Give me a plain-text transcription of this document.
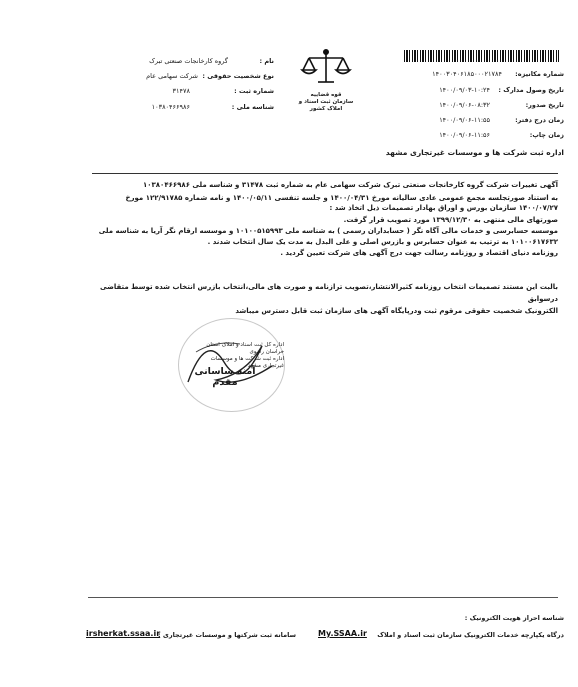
نام :
گروه کارخانجات صنعتی تبرک
نوع شخصیت حقوقی :
شرکت سهامی عام
شماره ثبت :
۳۱۴۷۸
شناسه ملی :
۱۰۳۸۰۴۶۶۹۸۶
قوه قضاییه
سازمان ثبت اسناد و املاک کشور
شماره مکانیزه:
۱۴۰۰۳۰۴۰۶۱۸۵۰۰۰۲۱۷۸۴
تاریخ وصول مدارک :
۱۴۰۰/۰۹/۰۳-۱۰:۲۴
تاریخ صدور:
۱۴۰۰/۰۹/۰۶-۰۸:۳۲
زمان درج دفتر:
۱۴۰۰/۰۹/۰۶-۱۱:۵۵
زمان چاپ:
۱۴۰۰/۰۹/۰۶-۱۱:۵۶
اداره ثبت شرکت ها و موسسات غیرتجاری مشهد
آگهی تغییرات شرکت گروه کارخانجات صنعتی تبرک شرکت سهامی عام به شماره ثبت ۳۱۴۷۸ و شناسه ملی ۱۰۳۸۰۴۶۶۹۸۶
به استناد صورتجلسه مجمع عمومی عادی سالیانه مورخ ۱۴۰۰/۰۴/۳۱ و جلسه تنفسی ۱۴۰۰/۰۵/۱۱ و نامه شماره ۱۲۲/۹۱۷۸۵ مورخ
۱۴۰۰/۰۷/۲۷ سازمان بورس و اوراق بهادار تصمیمات ذیل اتخاذ شد :
صورتهای مالی منتهی به ۱۳۹۹/۱۲/۳۰ مورد تصویب قرار گرفت.
موسسه حسابرسی و خدمات مالی آگاه نگر ( حسابداران رسمی ) به شناسه ملی ۱۰۱۰۰۵۱۵۹۹۳ و موسسه ارقام نگر آریا به شناسه ملی
۱۰۱۰۰۶۱۷۶۳۲ به ترتیب به عنوان حسابرس و بازرس اصلی و علی البدل به مدت یک سال انتخاب شدند .
روزنامه دنیای اقتصاد و روزنامه رسالت جهت درج آگهی های شرکت تعیین گردید .
بالبت این مستند تصمیمات انتخاب روزنامه کثیرالانتشار،تصویب ترازنامه و صورت های مالی،انتخاب بازرس انتخاب شده توسط متقاضی درسوابق
الکترونیک شخصیت حقوقی مرقوم ثبت ودرپایگاه آگهی های سازمان ثبت قابل دسترس میباشد
اداره کل ثبت اسناد و املاک استان خراسان رضوی
اداره ثبت شرکت ها و موسسات غیرتجاری مشهد
آمنه ساسانی مقدم
شناسه احراز هویت الکترونیک :
درگاه یکپارچه خدمات الکترونیک سازمان ثبت اسناد و املاک
My.SSAA.ir
سامانه ثبت شرکتها و موسسات غیرتجاری :
irsherkat.ssaa.ir
